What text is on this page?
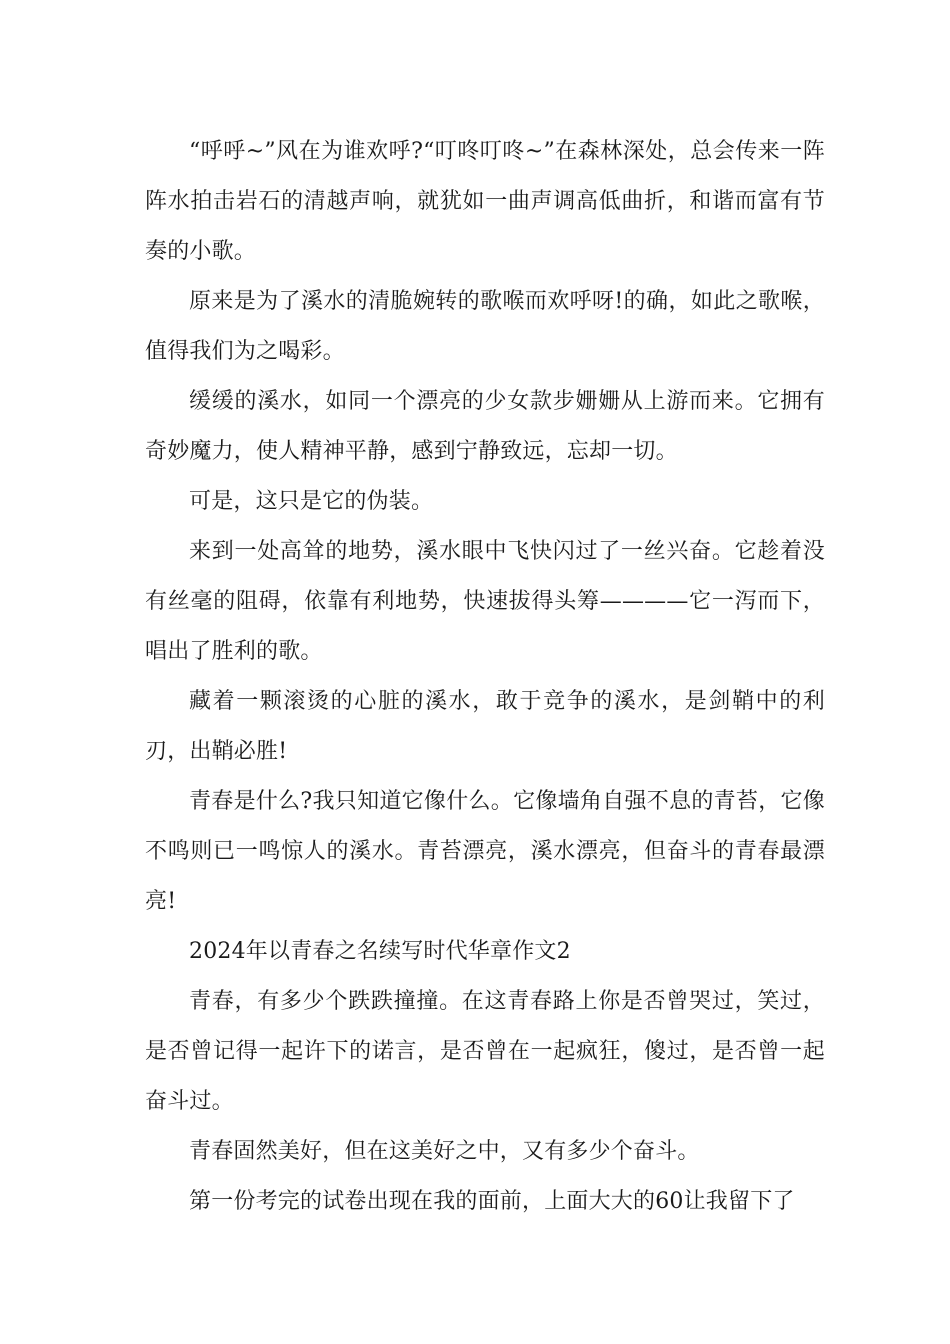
“呼呼~”风在为谁欢呼?“叮咚叮咚~”在森林深处，总会传来一阵阵水拍击岩石的清越声响，就犹如一曲声调高低曲折，和谐而富有节奏的小歌。

原来是为了溪水的清脆婉转的歌喉而欢呼呀!的确，如此之歌喉，值得我们为之喝彩。

缓缓的溪水，如同一个漂亮的少女款步姗姗从上游而来。它拥有奇妙魔力，使人精神平静，感到宁静致远，忘却一切。

可是，这只是它的伪装。

来到一处高耸的地势，溪水眼中飞快闪过了一丝兴奋。它趁着没有丝毫的阻碍，依靠有利地势，快速拔得头筹————它一泻而下，唱出了胜利的歌。

藏着一颗滚烫的心脏的溪水，敢于竞争的溪水，是剑鞘中的利刃，出鞘必胜!

青春是什么?我只知道它像什么。它像墙角自强不息的青苔，它像不鸣则已一鸣惊人的溪水。青苔漂亮，溪水漂亮，但奋斗的青春最漂亮!

2024年以青春之名续写时代华章作文2

青春，有多少个跌跌撞撞。在这青春路上你是否曾哭过，笑过，是否曾记得一起许下的诺言，是否曾在一起疯狂，傻过，是否曾一起奋斗过。

青春固然美好，但在这美好之中，又有多少个奋斗。

第一份考完的试卷出现在我的面前，上面大大的60让我留下了
